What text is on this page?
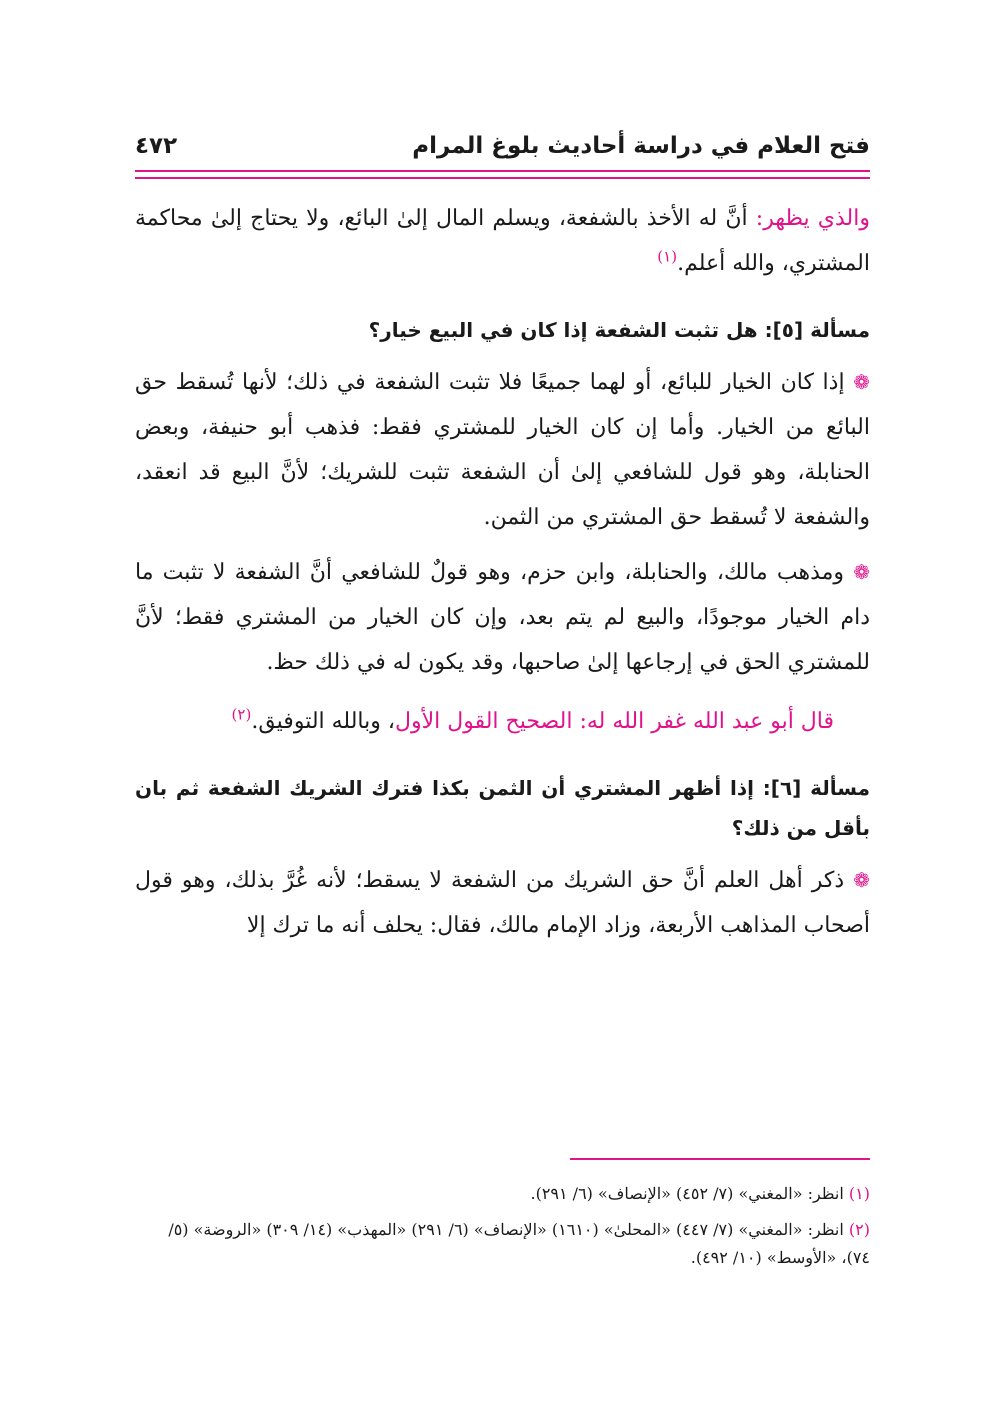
فتح العلام في دراسة أحاديث بلوغ المرام
٤٧٢

والذي يظهر: أنَّ له الأخذ بالشفعة، ويسلم المال إلىٰ البائع، ولا يحتاج إلىٰ محاكمة المشتري، والله أعلم.$^{(١)}$

مسألة [٥]: هل تثبت الشفعة إذا كان في البيع خيار؟

❁ إذا كان الخيار للبائع، أو لهما جميعًا فلا تثبت الشفعة في ذلك؛ لأنها تُسقط حق البائع من الخيار. وأما إن كان الخيار للمشتري فقط: فذهب أبو حنيفة، وبعض الحنابلة، وهو قول للشافعي إلىٰ أن الشفعة تثبت للشريك؛ لأنَّ البيع قد انعقد، والشفعة لا تُسقط حق المشتري من الثمن.

❁ ومذهب مالك، والحنابلة، وابن حزم، وهو قولٌ للشافعي أنَّ الشفعة لا تثبت ما دام الخيار موجودًا، والبيع لم يتم بعد، وإن كان الخيار من المشتري فقط؛ لأنَّ للمشتري الحق في إرجاعها إلىٰ صاحبها، وقد يكون له في ذلك حظ.

قال أبو عبد الله غفر الله له: الصحيح القول الأول، وبالله التوفيق.$^{(٢)}$

مسألة [٦]: إذا أظهر المشتري أن الثمن بكذا فترك الشريك الشفعة ثم بان بأقل من ذلك؟

❁ ذكر أهل العلم أنَّ حق الشريك من الشفعة لا يسقط؛ لأنه غُرَّ بذلك، وهو قول أصحاب المذاهب الأربعة، وزاد الإمام مالك، فقال: يحلف أنه ما ترك إلا

(١) انظر: «المغني» (٧/ ٤٥٢) «الإنصاف» (٦/ ٢٩١).

(٢) انظر: «المغني» (٧/ ٤٤٧) «المحلىٰ» (١٦١٠) «الإنصاف» (٦/ ٢٩١) «المهذب» (١٤/ ٣٠٩) «الروضة» (٥/ ٧٤)، «الأوسط» (١٠/ ٤٩٢).
